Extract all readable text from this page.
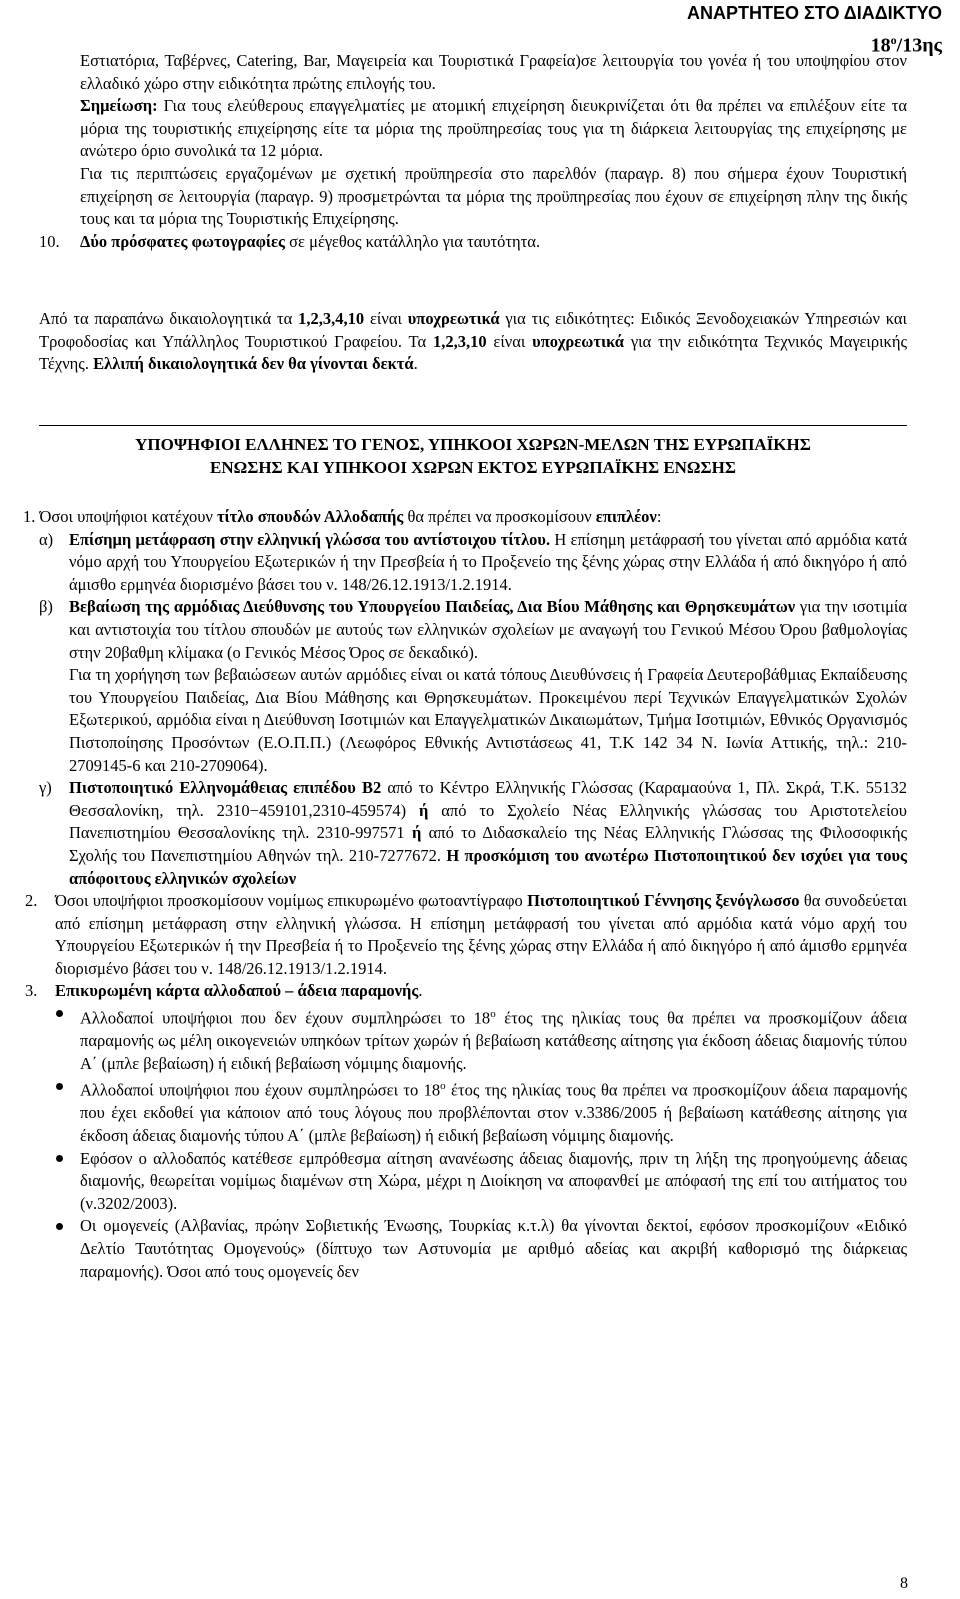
ΑΝΑΡΤΗΤΕΟ ΣΤΟ ΔΙΑΔΙΚΤΥΟ
$18^o/13\eta\varsigma$

Εστιατόρια, Ταβέρνες, Catering, Bar, Μαγειρεία και Τουριστικά Γραφεία)σε λειτουργία του γονέα ή του υποψηφίου στον ελλαδικό χώρο στην ειδικότητα πρώτης επιλογής του.

Σημείωση: Για τους ελεύθερους επαγγελματίες με ατομική επιχείρηση διευκρινίζεται ότι θα πρέπει να επιλέξουν είτε τα μόρια της τουριστικής επιχείρησης είτε τα μόρια της προϋπηρεσίας τους για τη διάρκεια λειτουργίας της επιχείρησης με ανώτερο όριο συνολικά τα 12 μόρια.

Για τις περιπτώσεις εργαζομένων με σχετική προϋπηρεσία στο παρελθόν (παραγρ. 8) που σήμερα έχουν Τουριστική επιχείρηση σε λειτουργία (παραγρ. 9) προσμετρώνται τα μόρια της προϋπηρεσίας που έχουν σε επιχείρηση πλην της δικής τους και τα μόρια της Τουριστικής Επιχείρησης.

10.	Δύο πρόσφατες φωτογραφίες σε μέγεθος κατάλληλο για ταυτότητα.

Από τα παραπάνω δικαιολογητικά τα 1,2,3,4,10 είναι υποχρεωτικά για τις ειδικότητες: Ειδικός Ξενοδοχειακών Υπηρεσιών και Τροφοδοσίας και Υπάλληλος Τουριστικού Γραφείου. Τα 1,2,3,10 είναι υποχρεωτικά για την ειδικότητα Τεχνικός Μαγειρικής Τέχνης. Ελλιπή δικαιολογητικά δεν θα γίνονται δεκτά.

ΥΠΟΨΗΦΙΟΙ ΕΛΛΗΝΕΣ ΤΟ ΓΕΝΟΣ, ΥΠΗΚΟΟΙ ΧΩΡΩΝ-ΜΕΛΩΝ ΤΗΣ ΕΥΡΩΠΑΪΚΗΣ

ΕΝΩΣΗΣ ΚΑΙ ΥΠΗΚΟΟΙ ΧΩΡΩΝ ΕΚΤΟΣ ΕΥΡΩΠΑΪΚΗΣ ΕΝΩΣΗΣ

1. Όσοι υποψήφιοι κατέχουν τίτλο σπουδών Αλλοδαπής θα πρέπει να προσκομίσουν επιπλέον:
α) Επίσημη μετάφραση στην ελληνική γλώσσα του αντίστοιχου τίτλου. Η επίσημη μετάφρασή του γίνεται από αρμόδια κατά νόμο αρχή του Υπουργείου Εξωτερικών ή την Πρεσβεία ή το Προξενείο της ξένης χώρας στην Ελλάδα ή από δικηγόρο ή από άμισθο ερμηνέα διορισμένο βάσει του ν. 148/26.12.1913/1.2.1914.
β) Βεβαίωση της αρμόδιας Διεύθυνσης του Υπουργείου Παιδείας, Δια Βίου Μάθησης και Θρησκευμάτων για την ισοτιμία και αντιστοιχία του τίτλου σπουδών με αυτούς των ελληνικών σχολείων με αναγωγή του Γενικού Μέσου Όρου βαθμολογίας στην 20βαθμη κλίμακα (ο Γενικός Μέσος Όρος σε δεκαδικό).
Για τη χορήγηση των βεβαιώσεων αυτών αρμόδιες είναι οι κατά τόπους Διευθύνσεις ή Γραφεία Δευτεροβάθμιας Εκπαίδευσης του Υπουργείου Παιδείας, Δια Βίου Μάθησης και Θρησκευμάτων. Προκειμένου περί Τεχνικών Επαγγελματικών Σχολών Εξωτερικού, αρμόδια είναι η Διεύθυνση Ισοτιμιών και Επαγγελματικών Δικαιωμάτων, Τμήμα Ισοτιμιών, Εθνικός Οργανισμός Πιστοποίησης Προσόντων (Ε.Ο.Π.Π.) (Λεωφόρος Εθνικής Αντιστάσεως 41, Τ.Κ 142 34 Ν. Ιωνία Αττικής, τηλ.: 210-2709145-6 και 210-2709064).
γ)	Πιστοποιητικό Ελληνομάθειας επιπέδου Β2 από το Κέντρο Ελληνικής Γλώσσας (Καραμαούνα 1, Πλ. Σκρά, Τ.Κ. 55132 Θεσσαλονίκη, τηλ. 2310−459101,2310-459574) ή από το Σχολείο Νέας Ελληνικής γλώσσας του Αριστοτελείου Πανεπιστημίου Θεσσαλονίκης τηλ. 2310-997571 ή από το Διδασκαλείο της Νέας Ελληνικής Γλώσσας της Φιλοσοφικής Σχολής του Πανεπιστημίου Αθηνών τηλ. 210-7277672. Η προσκόμιση του ανωτέρω Πιστοποιητικού δεν ισχύει για τους απόφοιτους ελληνικών σχολείων
2.	Όσοι υποψήφιοι προσκομίσουν νομίμως επικυρωμένο φωτοαντίγραφο Πιστοποιητικού Γέννησης ξενόγλωσσο θα συνοδεύεται από επίσημη μετάφραση στην ελληνική γλώσσα. Η επίσημη μετάφρασή του γίνεται από αρμόδια κατά νόμο αρχή του Υπουργείου Εξωτερικών ή την Πρεσβεία ή το Προξενείο της ξένης χώρας στην Ελλάδα ή από δικηγόρο ή από άμισθο ερμηνέα διορισμένο βάσει του ν. 148/26.12.1913/1.2.1914.
3.	Επικυρωμένη κάρτα αλλοδαπού – άδεια παραμονής.
Αλλοδαποί υποψήφιοι που δεν έχουν συμπληρώσει το $18^o$ έτος της ηλικίας τους θα πρέπει να προσκομίζουν άδεια παραμονής ως μέλη οικογενειών υπηκόων τρίτων χωρών ή βεβαίωση κατάθεσης αίτησης για έκδοση άδειας διαμονής τύπου Α΄ (μπλε βεβαίωση) ή ειδική βεβαίωση νόμιμης διαμονής.
Αλλοδαποί υποψήφιοι που έχουν συμπληρώσει το $18^o$ έτος της ηλικίας τους θα πρέπει να προσκομίζουν άδεια παραμονής που έχει εκδοθεί για κάποιον από τους λόγους που προβλέπονται στον ν.3386/2005 ή βεβαίωση κατάθεσης αίτησης για έκδοση άδειας διαμονής τύπου Α΄ (μπλε βεβαίωση) ή ειδική βεβαίωση νόμιμης διαμονής.
Εφόσον ο αλλοδαπός κατέθεσε εμπρόθεσμα αίτηση ανανέωσης άδειας διαμονής, πριν τη λήξη της προηγούμενης άδειας διαμονής, θεωρείται νομίμως διαμένων στη Χώρα, μέχρι η Διοίκηση να αποφανθεί με απόφασή της επί του αιτήματος του (ν.3202/2003).
Οι ομογενείς (Αλβανίας, πρώην Σοβιετικής Ένωσης, Τουρκίας κ.τ.λ) θα γίνονται δεκτοί, εφόσον προσκομίζουν «Ειδικό Δελτίο Ταυτότητας Ομογενούς» (δίπτυχο των Αστυνομία με αριθμό αδείας και ακριβή καθορισμό της διάρκειας παραμονής). Όσοι από τους ομογενείς δεν
8
